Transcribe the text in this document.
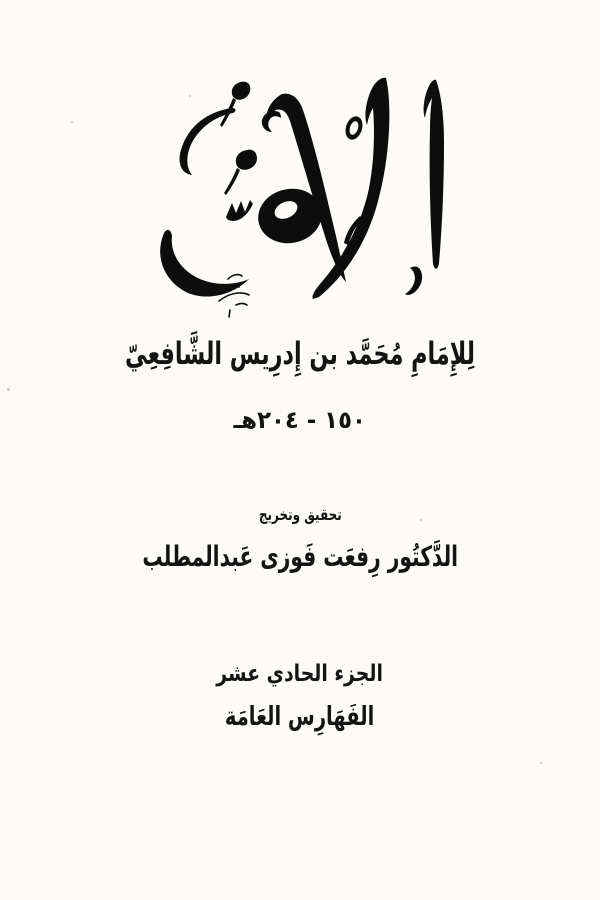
لِلإِمَامِ مُحَمَّد بن إِدرِيس الشَّافِعِيّ
١٥٠ - ٢٠٤هـ
تحقيق وتخريج
الدَّكتُور رِفعَت فَوزى عَبدالمطلب
الجزء الحادي عشر
الفَهَارِس العَامَة
